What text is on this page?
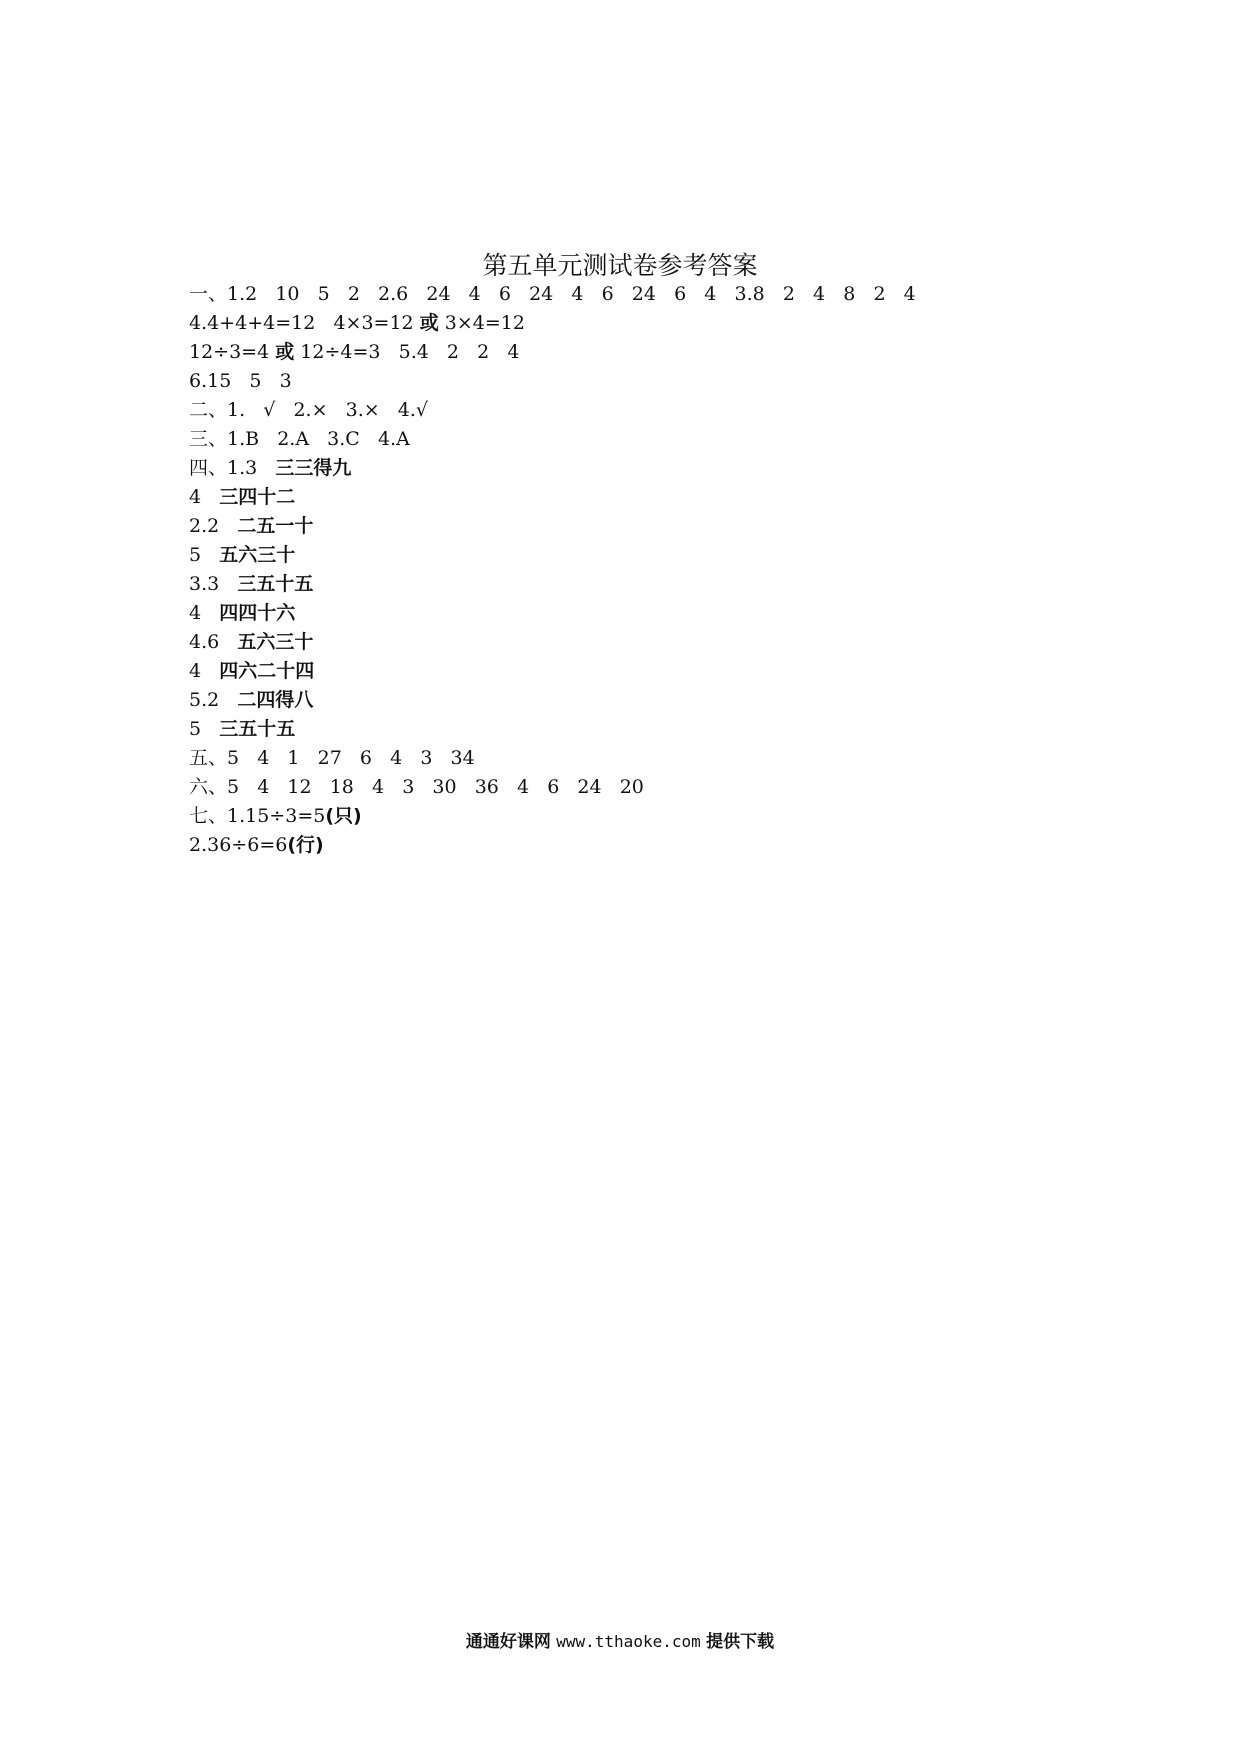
第五单元测试卷参考答案
一、1.2   10   5   2   2.6   24   4   6   24   4   6   24   6   4   3.8   2   4   8   2   4
4.4+4+4=12   4×3=12 或 3×4=12
12÷3=4 或 12÷4=3   5.4   2   2   4
6.15   5   3
二、1.   √   2.×   3.×   4.√
三、1.B   2.A   3.C   4.A
四、1.3   三三得九
4   三四十二
2.2   二五一十
5   五六三十
3.3   三五十五
4   四四十六
4.6   五六三十
4   四六二十四
5.2   二四得八
5   三五十五
五、5   4   1   27   6   4   3   34
六、5   4   12   18   4   3   30   36   4   6   24   20
七、1.15÷3=5(只)
2.36÷6=6(行)
通通好课网 www.tthaoke.com 提供下载
